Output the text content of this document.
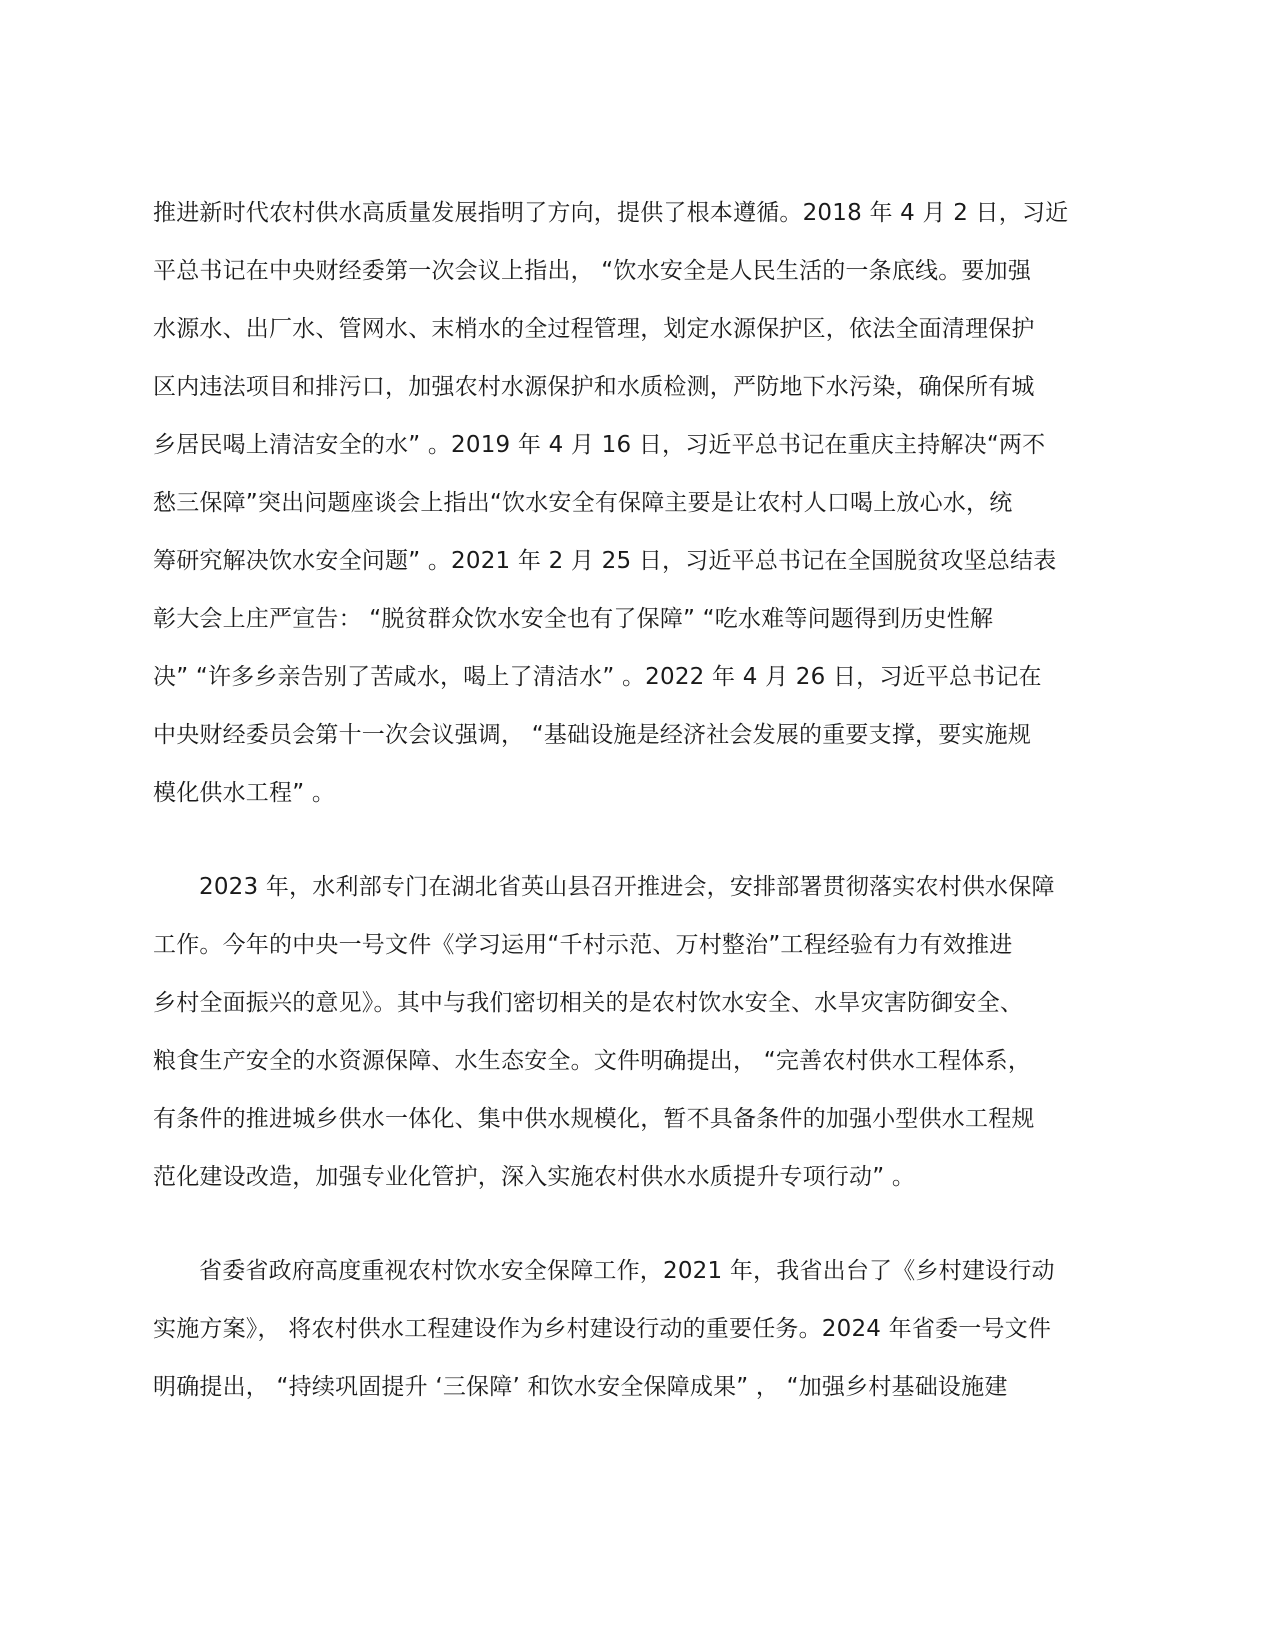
推进新时代农村供水高质量发展指明了方向，提供了根本遵循。2018 年 4 月 2 日，习近
平总书记在中央财经委第一次会议上指出， “饮水安全是人民生活的一条底线。要加强
水源水、出厂水、管网水、末梢水的全过程管理，划定水源保护区，依法全面清理保护
区内违法项目和排污口，加强农村水源保护和水质检测，严防地下水污染，确保所有城
乡居民喝上清洁安全的水” 。2019 年 4 月 16 日，习近平总书记在重庆主持解决“两不
愁三保障”突出问题座谈会上指出“饮水安全有保障主要是让农村人口喝上放心水，统
筹研究解决饮水安全问题” 。2021 年 2 月 25 日，习近平总书记在全国脱贫攻坚总结表
彰大会上庄严宣告： “脱贫群众饮水安全也有了保障” “吃水难等问题得到历史性解
决” “许多乡亲告别了苦咸水，喝上了清洁水” 。2022 年 4 月 26 日，习近平总书记在
中央财经委员会第十一次会议强调， “基础设施是经济社会发展的重要支撑，要实施规
模化供水工程” 。
2023 年，水利部专门在湖北省英山县召开推进会，安排部署贯彻落实农村供水保障
工作。今年的中央一号文件《学习运用“千村示范、万村整治”工程经验有力有效推进
乡村全面振兴的意见》。其中与我们密切相关的是农村饮水安全、水旱灾害防御安全、
粮食生产安全的水资源保障、水生态安全。文件明确提出， “完善农村供水工程体系，
有条件的推进城乡供水一体化、集中供水规模化，暂不具备条件的加强小型供水工程规
范化建设改造，加强专业化管护，深入实施农村供水水质提升专项行动” 。
省委省政府高度重视农村饮水安全保障工作，2021 年，我省出台了《乡村建设行动
实施方案》， 将农村供水工程建设作为乡村建设行动的重要任务。2024 年省委一号文件
明确提出， “持续巩固提升 ‘三保障’ 和饮水安全保障成果” ， “加强乡村基础设施建
